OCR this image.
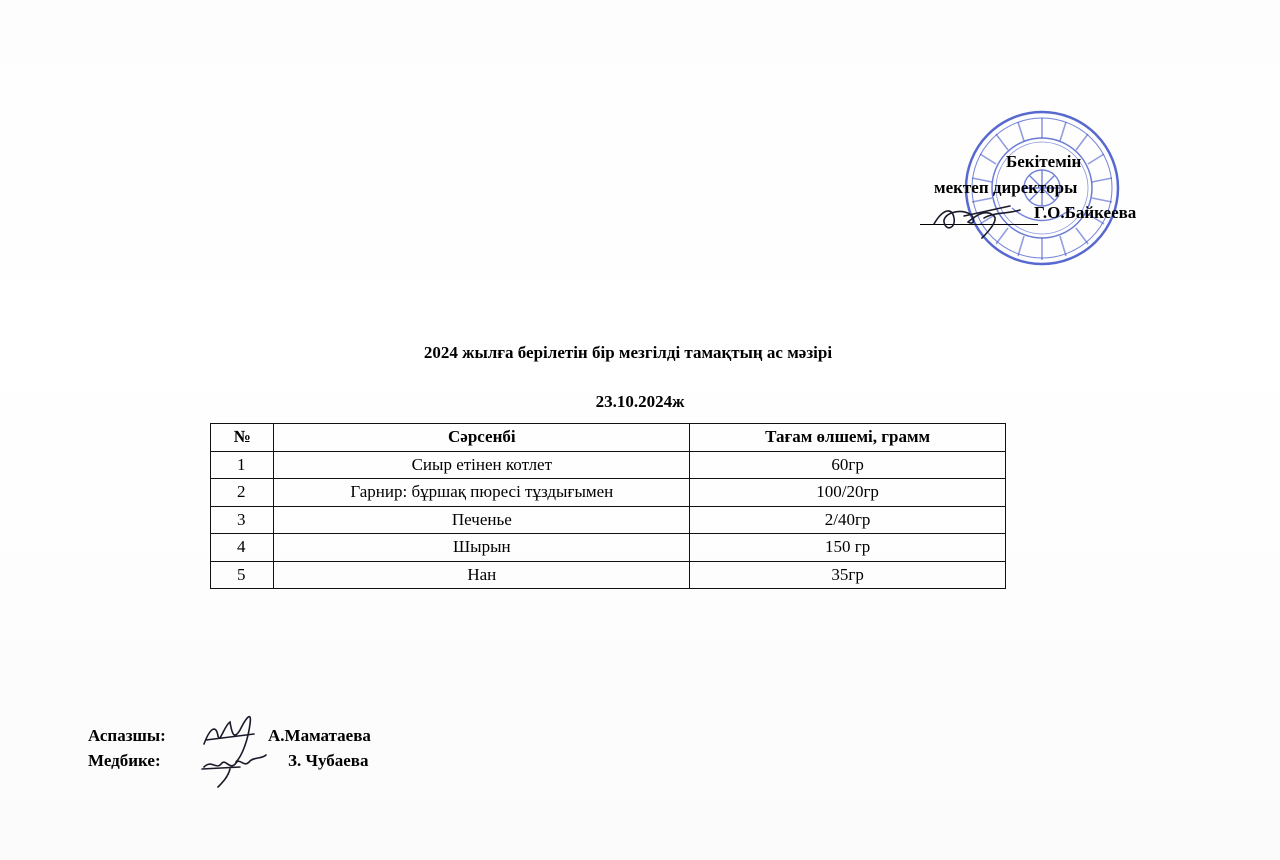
Бекітемін
мектеп директоры
Г.О.Байкеева
2024 жылға берілетін бір мезгілді тамақтың ас мәзірі
23.10.2024ж
№	Сәрсенбі	Тағам өлшемі, грамм
1	Сиыр етінен котлет	60гр
2	Гарнир: бұршақ пюресі тұздығымен	100/20гр
3	Печенье	2/40гр
4	Шырын	150 гр
5	Нан	35гр
Аспазшы:	А.Маматаева
Медбике:	З. Чубаева
